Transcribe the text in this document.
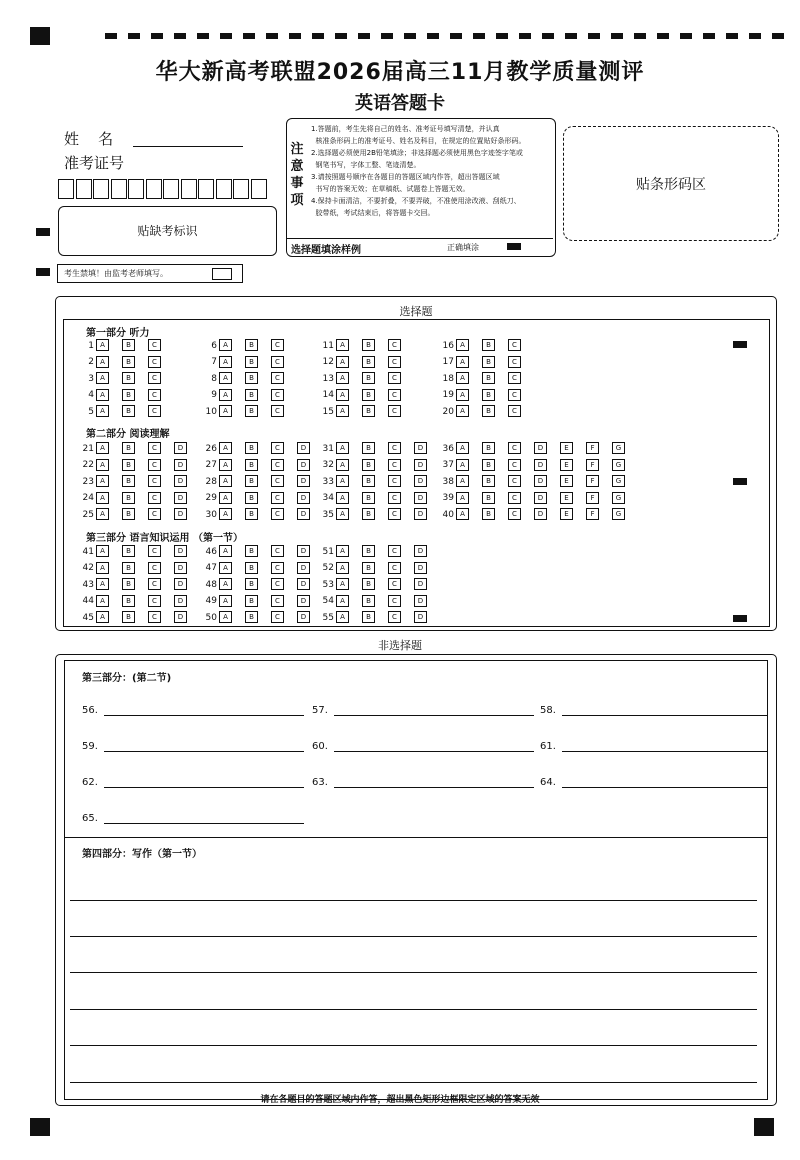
华大新高考联盟2026届高三11月教学质量测评
英语答题卡
姓    名
准考证号
贴缺考标识
考生禁填！由监考老师填写。
注意事项
1.答题前，考生先将自己的姓名、准考证号填写清楚，并认真
核准条形码上的准考证号、姓名及科目，在规定的位置贴好条形码。
2.选择题必须使用2B铅笔填涂；非选择题必须使用黑色字迹签字笔或
钢笔书写，字体工整、笔迹清楚。
3.请按照题号顺序在各题目的答题区域内作答，超出答题区域
书写的答案无效；在草稿纸、试题卷上答题无效。
4.保持卡面清洁，不要折叠，不要弄破，不准使用涂改液、刮纸刀、
胶带纸，考试结束后，将答题卡交回。
选择题填涂样例	正确填涂
贴条形码区
选择题
第一部分 听力
第二部分 阅读理解
第三部分 语言知识运用 （第一节）
1 A	B	C
2 A	B	C
3 A	B	C
4 A	B	C
5 A	B	C
6 A	B	C
7 A	B	C
8 A	B	C
9 A	B	C
10 A	B	C
11 A	B	C
12 A	B	C
13 A	B	C
14 A	B	C
15 A	B	C
16 A	B	C
17 A	B	C
18 A	B	C
19 A	B	C
20 A	B	C
21 A	B	C	D
22 A	B	C	D
23 A	B	C	D
24 A	B	C	D
25 A	B	C	D
26 A	B	C	D
27 A	B	C	D
28 A	B	C	D
29 A	B	C	D
30 A	B	C	D
31 A	B	C	D
32 A	B	C	D
33 A	B	C	D
34 A	B	C	D
35 A	B	C	D
36 A	B	C	D	E	F	G
37 A	B	C	D	E	F	G
38 A	B	C	D	E	F	G
39 A	B	C	D	E	F	G
40 A	B	C	D	E	F	G
41 A	B	C	D
42 A	B	C	D
43 A	B	C	D
44 A	B	C	D
45 A	B	C	D
46 A	B	C	D
47 A	B	C	D
48 A	B	C	D
49 A	B	C	D
50 A	B	C	D
51 A	B	C	D
52 A	B	C	D
53 A	B	C	D
54 A	B	C	D
55 A	B	C	D
非选择题
第三部分：(第二节)
第四部分：写作（第一节）
56.	57.	58.
59.	60.	61.
62.	63.	64.
65.
请在各题目的答题区域内作答，超出黑色矩形边框限定区域的答案无效
